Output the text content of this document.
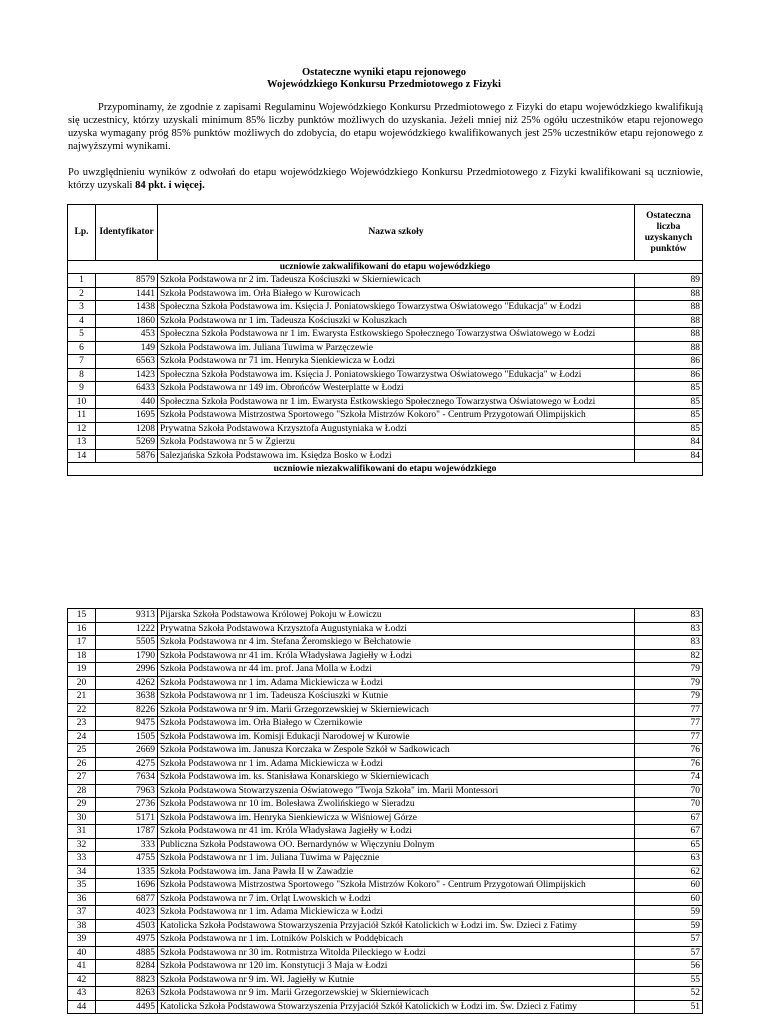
Ostateczne wyniki etapu rejonowego
Wojewódzkiego Konkursu Przedmiotowego z Fizyki

Przypominamy, że zgodnie z zapisami Regulaminu Wojewódzkiego Konkursu Przedmiotowego z Fizyki do etapu wojewódzkiego kwalifikują się uczestnicy, którzy uzyskali minimum 85% liczby punktów możliwych do uzyskania. Jeżeli mniej niż 25% ogółu uczestników etapu rejonowego uzyska wymagany próg 85% punktów możliwych do zdobycia, do etapu wojewódzkiego kwalifikowanych jest 25% uczestników etapu rejonowego z najwyższymi wynikami.

Po uwzględnieniu wyników z odwołań do etapu wojewódzkiego Wojewódzkiego Konkursu Przedmiotowego z Fizyki kwalifikowani są uczniowie, którzy uzyskali 84 pkt. i więcej.

Lp.	Identyfikator	Nazwa szkoły	Ostateczna liczba uzyskanych punktów
uczniowie zakwalifikowani do etapu wojewódzkiego			
1	8579	Szkoła Podstawowa nr 2 im. Tadeusza Kościuszki w Skierniewicach	89
2	1441	Szkoła Podstawowa im. Orła Białego w Kurowicach	88
3	1438	Społeczna Szkoła Podstawowa im. Księcia J. Poniatowskiego Towarzystwa Oświatowego "Edukacja" w Łodzi	88
4	1860	Szkoła Podstawowa nr 1 im. Tadeusza Kościuszki w Koluszkach	88
5	453	Społeczna Szkoła Podstawowa nr 1 im. Ewarysta Estkowskiego Społecznego Towarzystwa Oświatowego w Łodzi	88
6	149	Szkoła Podstawowa im. Juliana Tuwima w Parzęczewie	88
7	6563	Szkoła Podstawowa nr 71 im. Henryka Sienkiewicza w Łodzi	86
8	1423	Społeczna Szkoła Podstawowa im. Księcia J. Poniatowskiego Towarzystwa Oświatowego "Edukacja" w Łodzi	86
9	6433	Szkoła Podstawowa nr 149 im. Obrońców Westerplatte w Łodzi	85
10	440	Społeczna Szkoła Podstawowa nr 1 im. Ewarysta Estkowskiego Społecznego Towarzystwa Oświatowego w Łodzi	85
11	1695	Szkoła Podstawowa Mistrzostwa Sportowego "Szkoła Mistrzów Kokoro" - Centrum Przygotowań Olimpijskich	85
12	1208	Prywatna Szkoła Podstawowa Krzysztofa Augustyniaka w Łodzi	85
13	5269	Szkoła Podstawowa nr 5 w Zgierzu	84
14	5876	Salezjańska Szkoła Podstawowa im. Księdza Bosko w Łodzi	84
uczniowie niezakwalifikowani do etapu wojewódzkiego			
15	9313	Pijarska Szkoła Podstawowa Królowej Pokoju w Łowiczu	83
16	1222	Prywatna Szkoła Podstawowa Krzysztofa Augustyniaka w Łodzi	83
17	5505	Szkoła Podstawowa nr 4 im. Stefana Żeromskiego w Bełchatowie	83
18	1790	Szkoła Podstawowa nr 41 im. Króla Władysława Jagiełły w Łodzi	82
19	2996	Szkoła Podstawowa nr 44 im. prof. Jana Molla w Łodzi	79
20	4262	Szkoła Podstawowa nr 1 im. Adama Mickiewicza w Łodzi	79
21	3638	Szkoła Podstawowa nr 1 im. Tadeusza Kościuszki w Kutnie	79
22	8226	Szkoła Podstawowa nr 9 im. Marii Grzegorzewskiej w Skierniewicach	77
23	9475	Szkoła Podstawowa im. Orła Białego w Czernikowie	77
24	1505	Szkoła Podstawowa im. Komisji Edukacji Narodowej w Kurowie	77
25	2669	Szkoła Podstawowa im. Janusza Korczaka w Zespole Szkół w Sadkowicach	76
26	4275	Szkoła Podstawowa nr 1 im. Adama Mickiewicza w Łodzi	76
27	7634	Szkoła Podstawowa im. ks. Stanisława Konarskiego w Skierniewicach	74
28	7963	Szkoła Podstawowa Stowarzyszenia Oświatowego "Twoja Szkoła" im. Marii Montessori	70
29	2736	Szkoła Podstawowa nr 10 im. Bolesława Zwolińskiego w Sieradzu	70
30	5171	Szkoła Podstawowa im. Henryka Sienkiewicza w Wiśniowej Górze	67
31	1787	Szkoła Podstawowa nr 41 im. Króla Władysława Jagiełły w Łodzi	67
32	333	Publiczna Szkoła Podstawowa OO. Bernardynów w Więczyniu Dolnym	65
33	4755	Szkoła Podstawowa nr 1 im. Juliana Tuwima w Pajęcznie	63
34	1335	Szkoła Podstawowa im. Jana Pawła II w Zawadzie	62
35	1696	Szkoła Podstawowa Mistrzostwa Sportowego "Szkoła Mistrzów Kokoro" - Centrum Przygotowań Olimpijskich	60
36	6877	Szkoła Podstawowa nr 7 im. Orląt Lwowskich w Łodzi	60
37	4023	Szkoła Podstawowa nr 1 im. Adama Mickiewicza w Łodzi	59
38	4503	Katolicka Szkoła Podstawowa Stowarzyszenia Przyjaciół Szkół Katolickich w Łodzi im. Św. Dzieci z Fatimy	59
39	4975	Szkoła Podstawowa nr 1 im. Lotników Polskich w Poddębicach	57
40	4885	Szkoła Podstawowa nr 30 im. Rotmistrza Witolda Pileckiego w Łodzi	57
41	8284	Szkoła Podstawowa nr 120 im. Konstytucji 3 Maja w Łodzi	56
42	8823	Szkoła Podstawowa nr 9 im. Wł. Jagiełły w Kutnie	55
43	8263	Szkoła Podstawowa nr 9 im. Marii Grzegorzewskiej w Skierniewicach	52
44	4495	Katolicka Szkoła Podstawowa Stowarzyszenia Przyjaciół Szkół Katolickich w Łodzi im. Św. Dzieci z Fatimy	51
